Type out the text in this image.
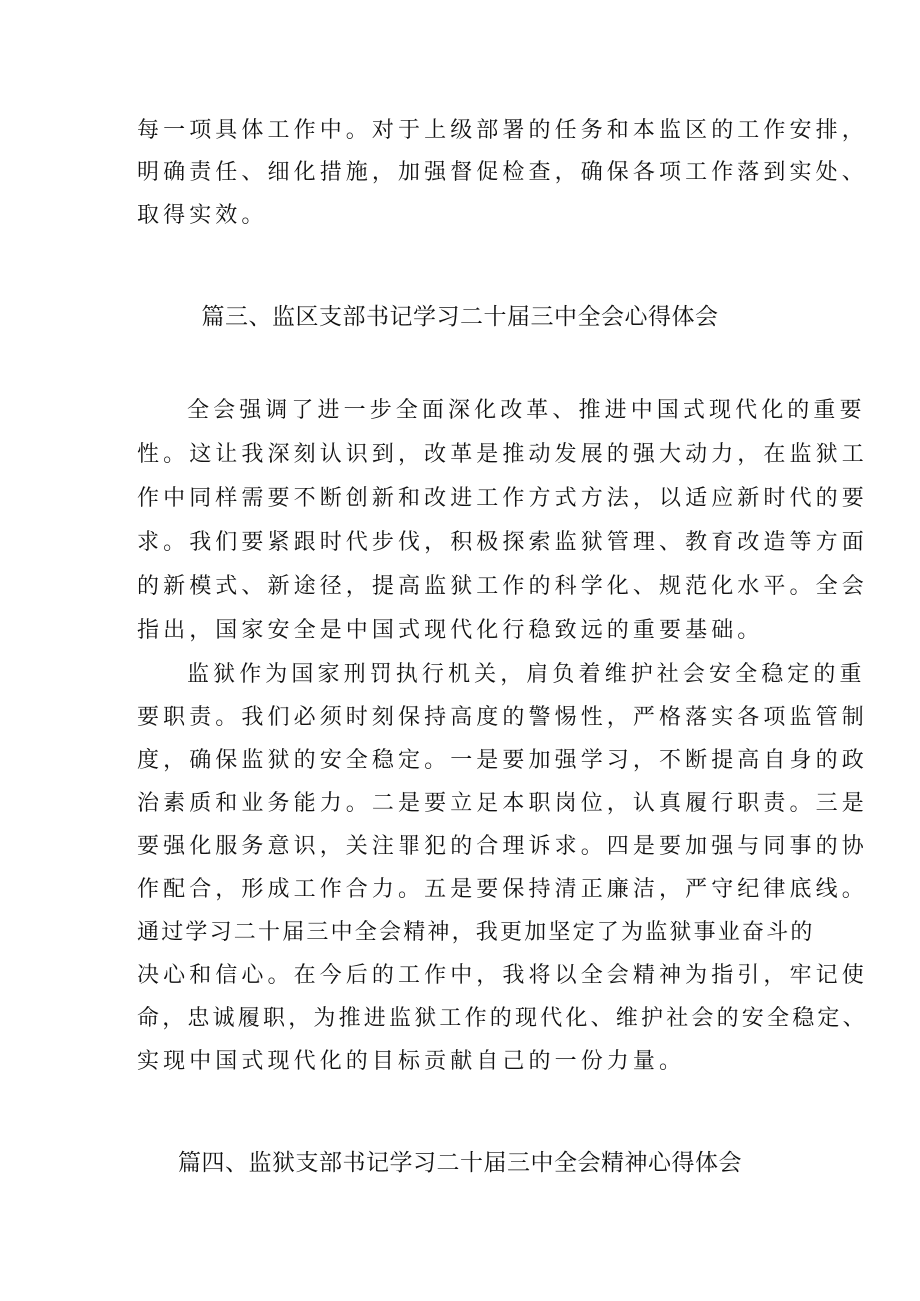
每一项具体工作中。对于上级部署的任务和本监区的工作安排，
明确责任、细化措施，加强督促检查，确保各项工作落到实处、
取得实效。
篇三、监区支部书记学习二十届三中全会心得体会
全会强调了进一步全面深化改革、推进中国式现代化的重要
性。这让我深刻认识到，改革是推动发展的强大动力，在监狱工
作中同样需要不断创新和改进工作方式方法，以适应新时代的要
求。我们要紧跟时代步伐，积极探索监狱管理、教育改造等方面
的新模式、新途径，提高监狱工作的科学化、规范化水平。全会
指出，国家安全是中国式现代化行稳致远的重要基础。
监狱作为国家刑罚执行机关，肩负着维护社会安全稳定的重
要职责。我们必须时刻保持高度的警惕性，严格落实各项监管制
度，确保监狱的安全稳定。一是要加强学习，不断提高自身的政
治素质和业务能力。二是要立足本职岗位，认真履行职责。三是
要强化服务意识，关注罪犯的合理诉求。四是要加强与同事的协
作配合，形成工作合力。五是要保持清正廉洁，严守纪律底线。
通过学习二十届三中全会精神，我更加坚定了为监狱事业奋斗的
决心和信心。在今后的工作中，我将以全会精神为指引，牢记使
命，忠诚履职，为推进监狱工作的现代化、维护社会的安全稳定、
实现中国式现代化的目标贡献自己的一份力量。
篇四、监狱支部书记学习二十届三中全会精神心得体会
